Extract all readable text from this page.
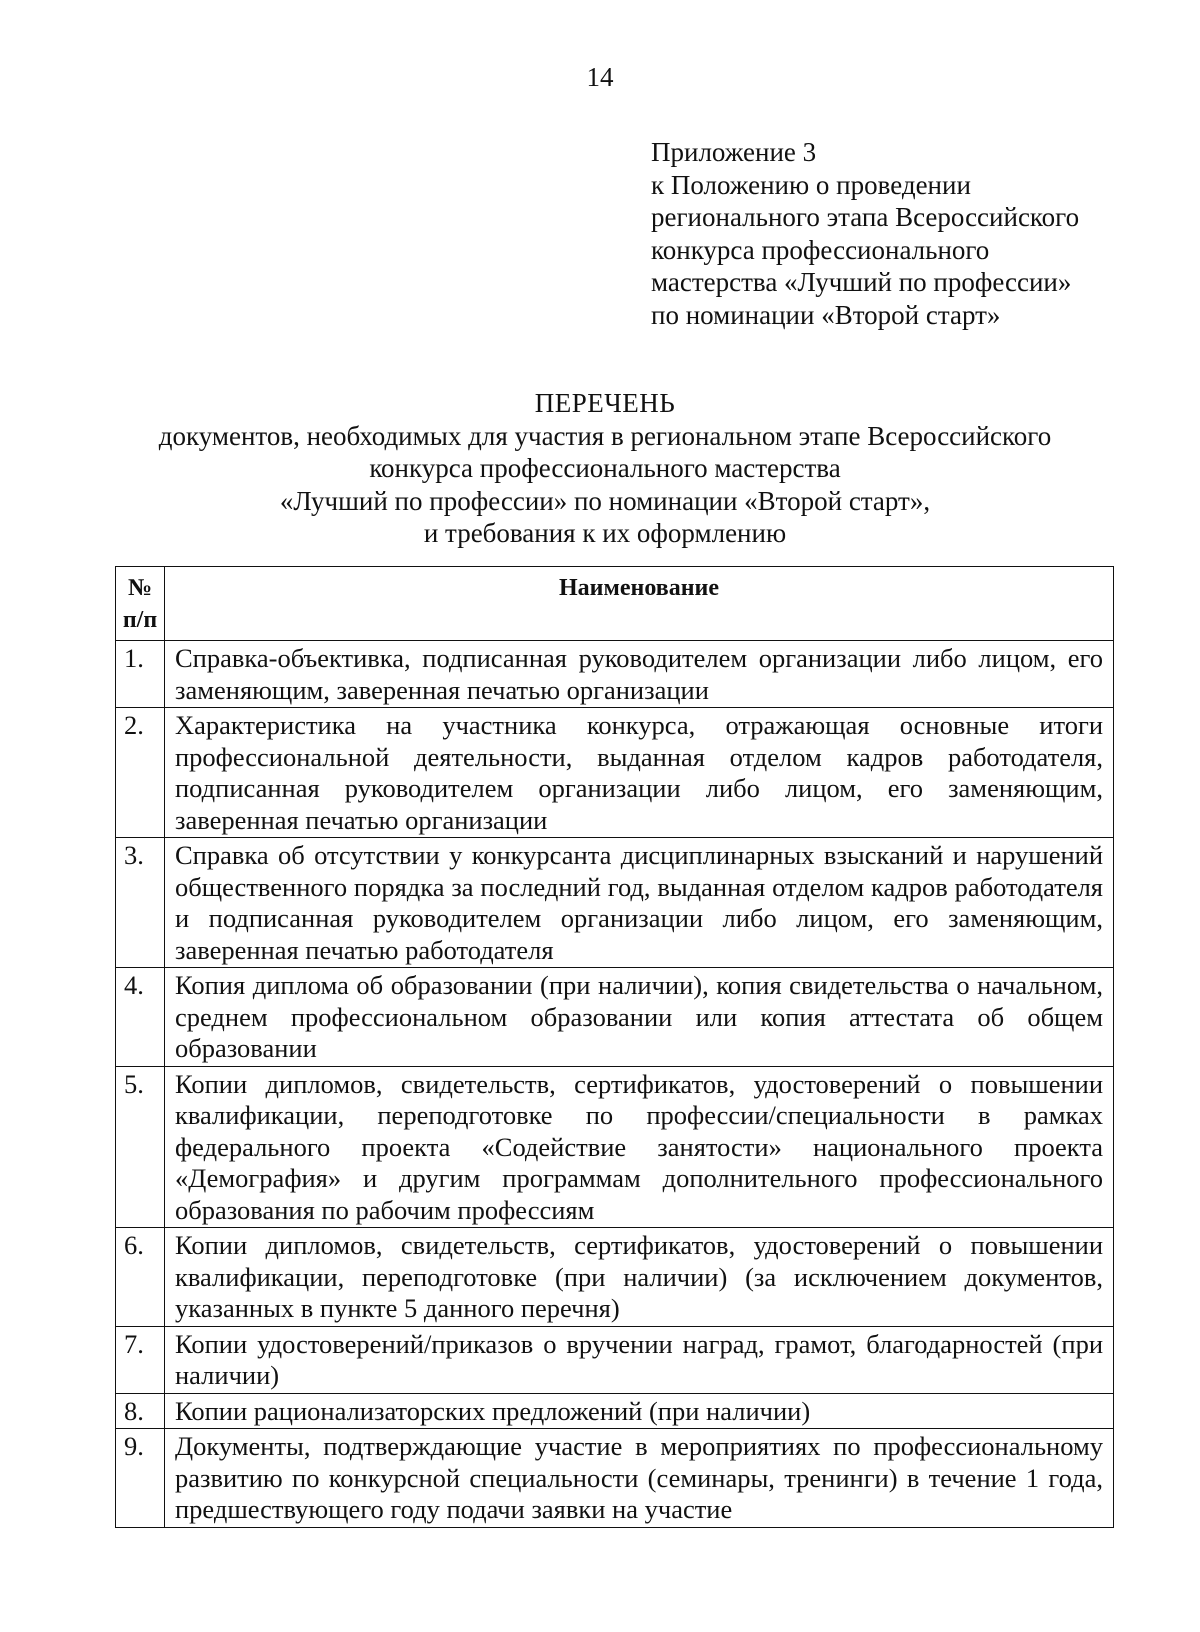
14
Приложение 3
к Положению о проведении
регионального этапа Всероссийского
конкурса профессионального
мастерства «Лучший по профессии»
по номинации «Второй старт»
ПЕРЕЧЕНЬ
документов, необходимых для участия в региональном этапе Всероссийского
конкурса профессионального мастерства
«Лучший по профессии» по номинации «Второй старт»,
и требования к их оформлению
№
п/п	Наименование
1.	Справка-объективка, подписанная руководителем организации либо лицом, его заменяющим, заверенная печатью организации
2.	Характеристика на участника конкурса, отражающая основные итоги профессиональной деятельности, выданная отделом кадров работодателя, подписанная руководителем организации либо лицом, его заменяющим, заверенная печатью организации
3.	Справка об отсутствии у конкурсанта дисциплинарных взысканий и нарушений общественного порядка за последний год, выданная отделом кадров работодателя и подписанная руководителем организации либо лицом, его заменяющим, заверенная печатью работодателя
4.	Копия диплома об образовании (при наличии), копия свидетельства о начальном, среднем профессиональном образовании или копия аттестата об общем образовании
5.	Копии дипломов, свидетельств, сертификатов, удостоверений о повышении квалификации, переподготовке по профессии/специальности в рамках федерального проекта «Содействие занятости» национального проекта «Демография» и другим программам дополнительного профессионального образования по рабочим профессиям
6.	Копии дипломов, свидетельств, сертификатов, удостоверений о повышении квалификации, переподготовке (при наличии) (за исключением документов, указанных в пункте 5 данного перечня)
7.	Копии удостоверений/приказов о вручении наград, грамот, благодарностей (при наличии)
8.	Копии рационализаторских предложений (при наличии)
9.	Документы, подтверждающие участие в мероприятиях по профессиональному развитию по конкурсной специальности (семинары, тренинги) в течение 1 года, предшествующего году подачи заявки на участие
